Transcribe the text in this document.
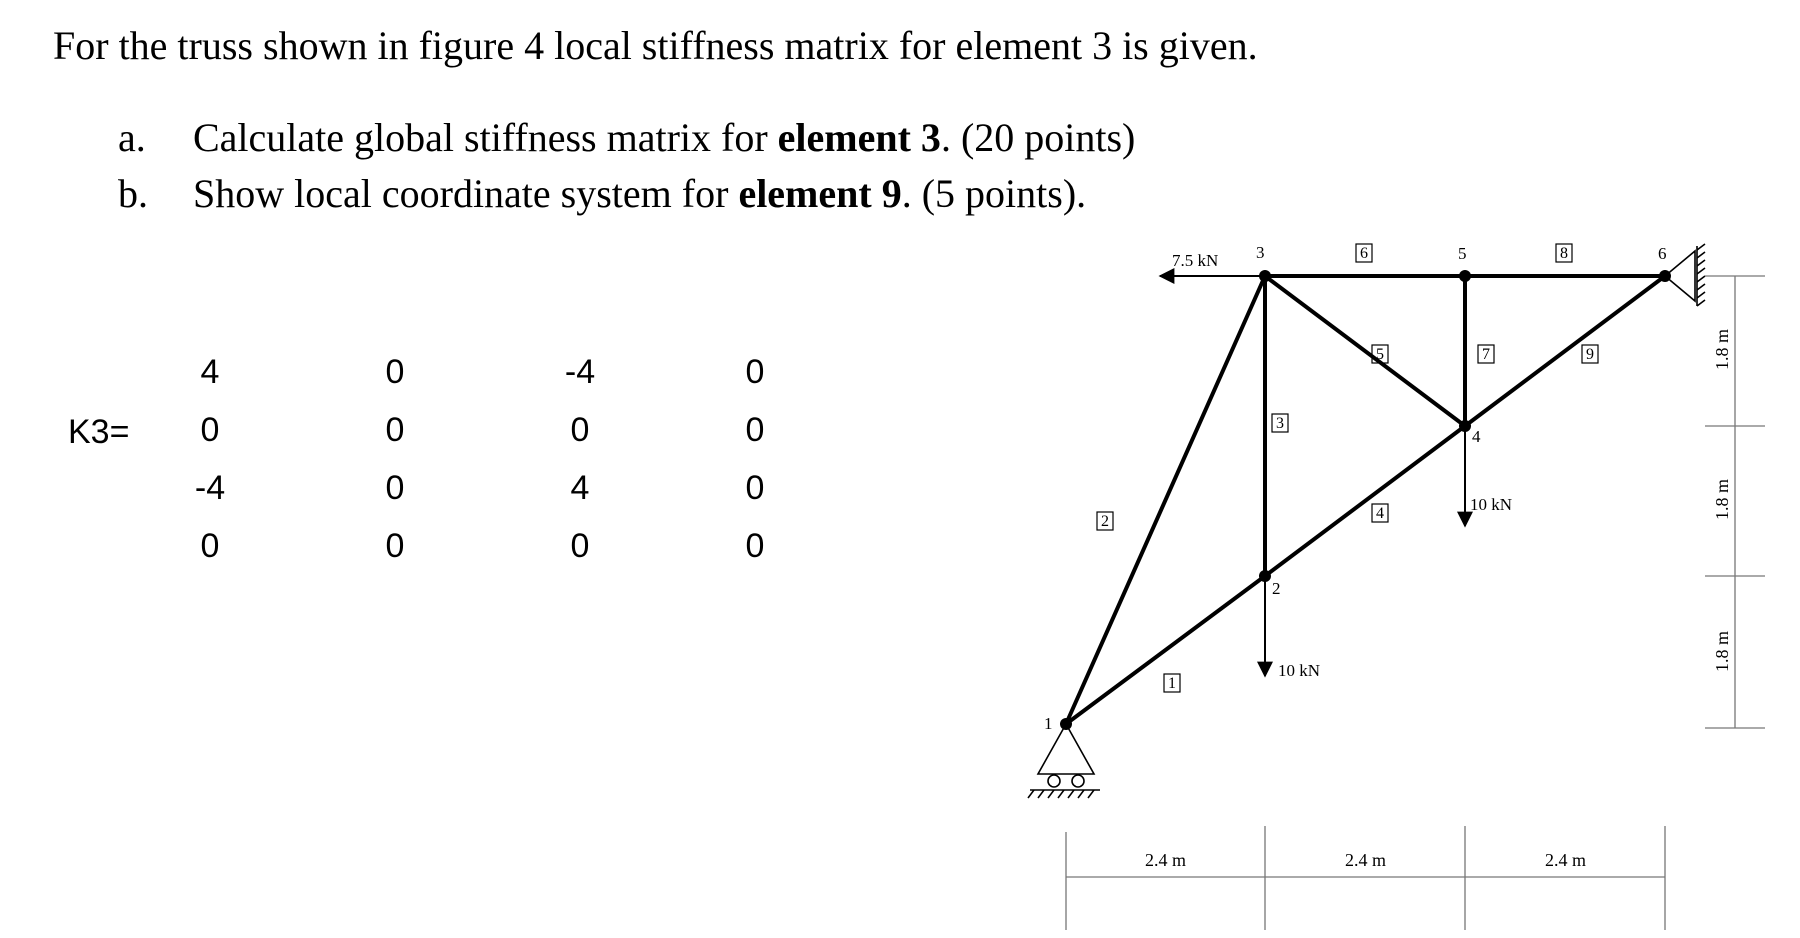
For the truss shown in figure 4 local stiffness matrix for element 3 is given.

a.	Calculate global stiffness matrix for element 3. (20 points)
b.	Show local coordinate system for element 9. (5 points).
K3=
4	0	-4	0
0	0	0	0
-4	0	4	0
0	0	0	0
1
2
3
4
5	6
1
2
3
4
5
6
7
8
9
7.5 kN
10 kN
10 kN
2.4 m	2.4 m	2.4 m
1.8 m
1.8 m
1.8 m
